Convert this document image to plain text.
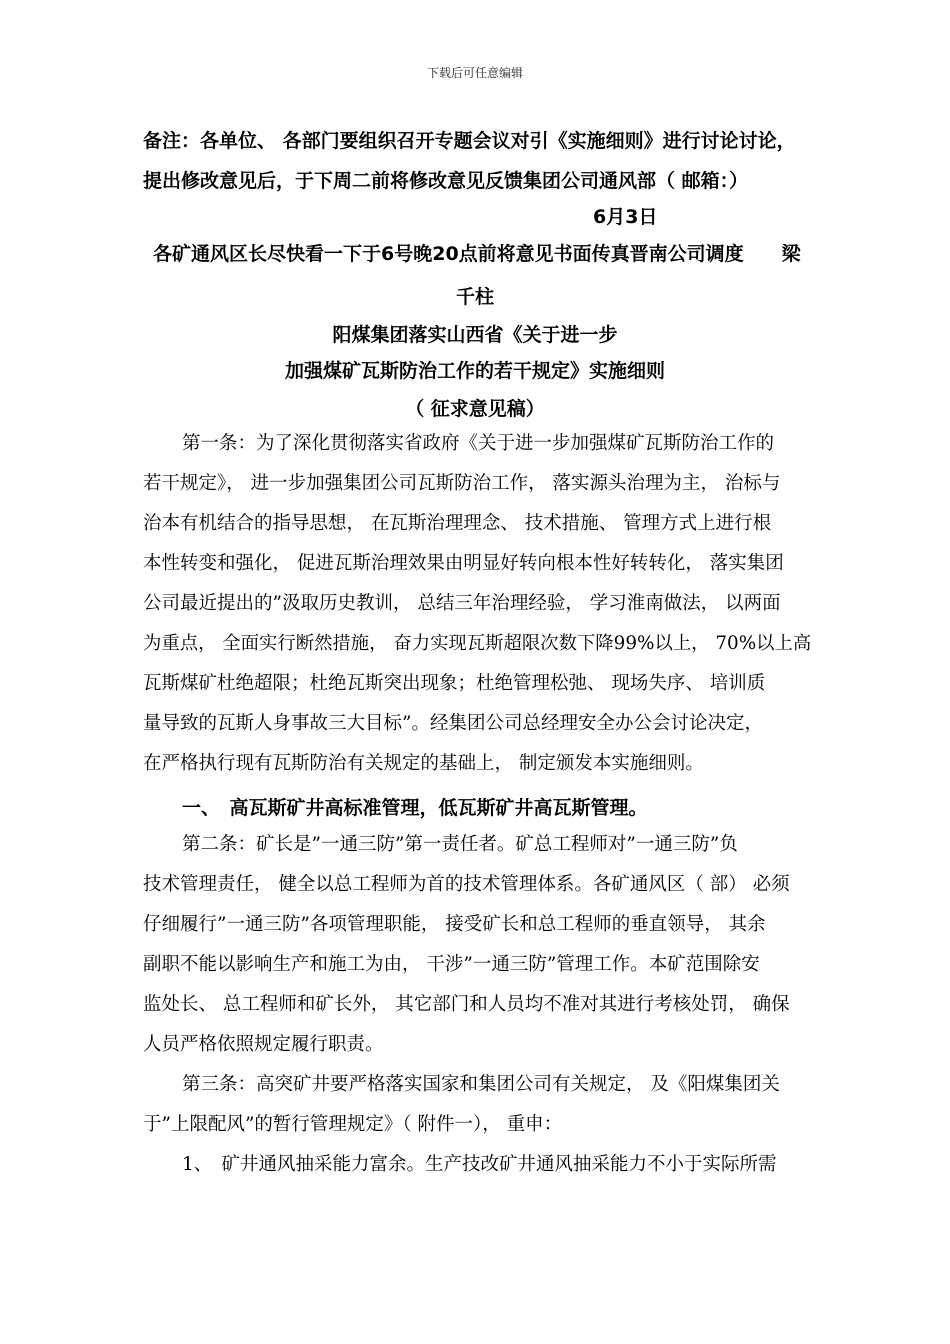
下载后可任意编辑
备注：各单位、 各部门要组织召开专题会议对引《实施细则》进行讨论讨论，
提出修改意见后，于下周二前将修改意见反馈集团公司通风部（ 邮箱：）
6月3日
各矿通风区长尽快看一下于6号晚20点前将意见书面传真晋南公司调度　　梁
千柱
阳煤集团落实山西省《关于进一步
加强煤矿瓦斯防治工作的若干规定》实施细则
（ 征求意见稿）
第一条：为了深化贯彻落实省政府《关于进一步加强煤矿瓦斯防治工作的
若干规定》， 进一步加强集团公司瓦斯防治工作， 落实源头治理为主， 治标与
治本有机结合的指导思想， 在瓦斯治理理念、 技术措施、 管理方式上进行根
本性转变和强化， 促进瓦斯治理效果由明显好转向根本性好转转化， 落实集团
公司最近提出的”汲取历史教训， 总结三年治理经验， 学习淮南做法， 以两面
为重点， 全面实行断然措施， 奋力实现瓦斯超限次数下降99%以上， 70%以上高
瓦斯煤矿杜绝超限；杜绝瓦斯突出现象；杜绝管理松弛、 现场失序、 培训质
量导致的瓦斯人身事故三大目标”。经集团公司总经理安全办公会讨论决定，
在严格执行现有瓦斯防治有关规定的基础上， 制定颁发本实施细则。
一、　高瓦斯矿井高标准管理，低瓦斯矿井高瓦斯管理。
第二条：矿长是”一通三防”第一责任者。矿总工程师对”一通三防”负
技术管理责任， 健全以总工程师为首的技术管理体系。各矿通风区（ 部） 必须
仔细履行”一通三防”各项管理职能， 接受矿长和总工程师的垂直领导， 其余
副职不能以影响生产和施工为由， 干涉”一通三防”管理工作。本矿范围除安
监处长、 总工程师和矿长外， 其它部门和人员均不准对其进行考核处罚， 确保
人员严格依照规定履行职责。
第三条：高突矿井要严格落实国家和集团公司有关规定， 及《阳煤集团关
于”上限配风”的暂行管理规定》（ 附件一）， 重申：
1、　矿井通风抽采能力富余。生产技改矿井通风抽采能力不小于实际所需
